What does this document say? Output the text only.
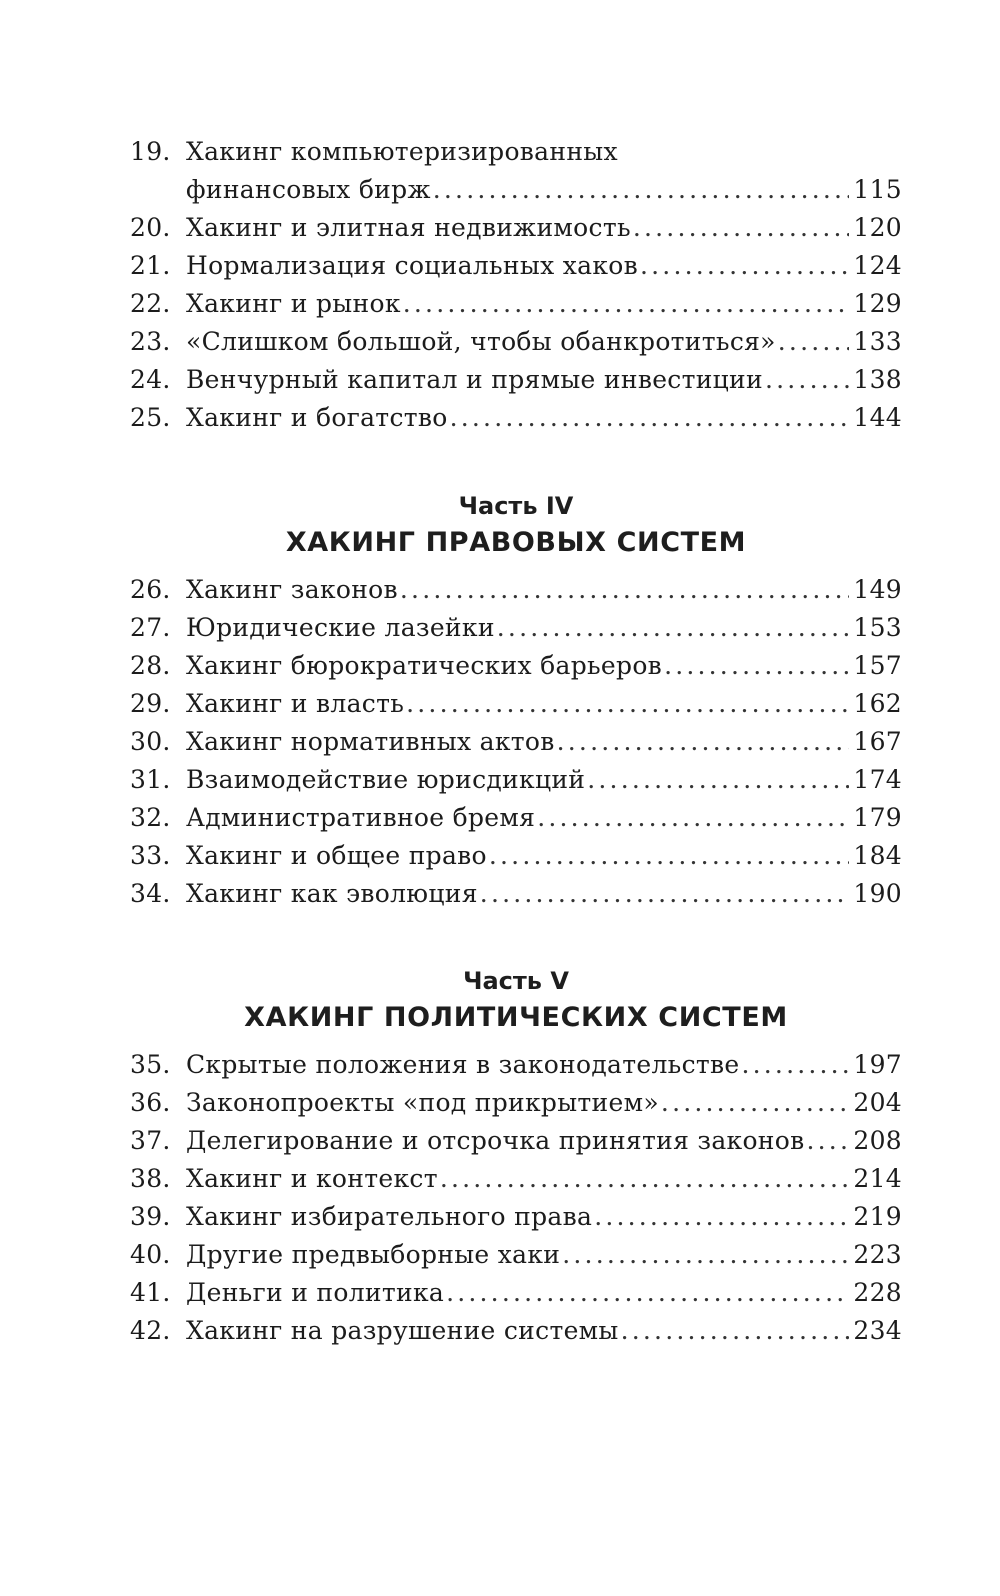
19. Хакинг компьютеризированных
финансовых бирж .....	115
20. Хакинг и элитная недвижимость .....	120
21. Нормализация социальных хаков .....	124
22. Хакинг и рынок .....	129
23. «Слишком большой, чтобы обанкротиться» .....	133
24. Венчурный капитал и прямые инвестиции .....	138
25. Хакинг и богатство .....	144
Часть IV
ХАКИНГ ПРАВОВЫХ СИСТЕМ
26. Хакинг законов .....	149
27. Юридические лазейки .....	153
28. Хакинг бюрократических барьеров .....	157
29. Хакинг и власть .....	162
30. Хакинг нормативных актов .....	167
31. Взаимодействие юрисдикций .....	174
32. Административное бремя .....	179
33. Хакинг и общее право .....	184
34. Хакинг как эволюция .....	190
Часть V
ХАКИНГ ПОЛИТИЧЕСКИХ СИСТЕМ
35. Скрытые положения в законодательстве .....	197
36. Законопроекты «под прикрытием» .....	204
37. Делегирование и отсрочка принятия законов ..... 208
38. Хакинг и контекст .....	214
39. Хакинг избирательного права .....	219
40. Другие предвыборные хаки .....	223
41. Деньги и политика .....	228
42. Хакинг на разрушение системы .....	234
